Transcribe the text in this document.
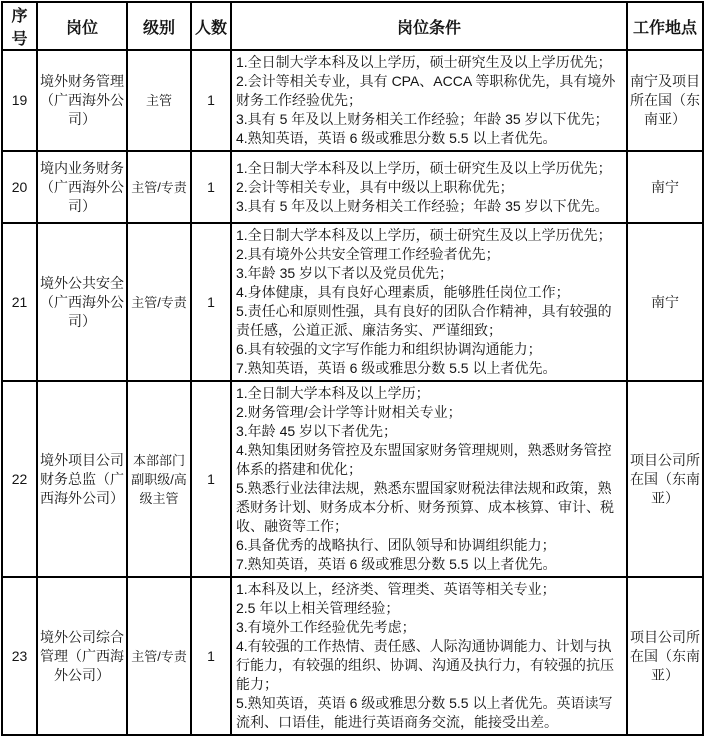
序号	岗位	级别	人数	岗位条件	工作地点
19	境外财务管理（广西海外公司）	主管	1	1.全日制大学本科及以上学历，硕士研究生及以上学历优先；
2.会计等相关专业，具有 CPA、ACCA 等职称优先，具有境外财务工作经验优先；
3.具有 5 年及以上财务相关工作经验；年龄 35 岁以下优先；
4.熟知英语，英语 6 级或雅思分数 5.5 以上者优先。	南宁及项目所在国（东南亚）
20	境内业务财务（广西海外公司）	主管/专责	1	1.全日制大学本科及以上学历，硕士研究生及以上学历优先；
2.会计等相关专业，具有中级以上职称优先；
3.具有 5 年及以上财务相关工作经验；年龄 35 岁以下优先。	南宁
21	境外公共安全（广西海外公司）	主管/专责	1	
1.全日制大学本科及以上学历，硕士研究生及以上学历优先；
2.具有境外公共安全管理工作经验者优先；
3.年龄 35 岁以下者以及党员优先；
4.身体健康，具有良好心理素质，能够胜任岗位工作；
5.责任心和原则性强，具有良好的团队合作精神，具有较强的责任感，公道正派、廉洁务实、严谨细致；
6.具有较强的文字写作能力和组织协调沟通能力；
7.熟知英语，英语 6 级或雅思分数 5.5 以上者优先。
	南宁
22	境外项目公司财务总监（广西海外公司）	本部部门副职级/高级主管	1	
1.全日制大学本科及以上学历；
2.财务管理/会计学等计财相关专业；
3.年龄 45 岁以下者优先；
4.熟知集团财务管控及东盟国家财务管理规则，熟悉财务管控体系的搭建和优化；
5.熟悉行业法律法规，熟悉东盟国家财税法律法规和政策，熟悉财务计划、财务成本分析、财务预算、成本核算、审计、税收、融资等工作；
6.具备优秀的战略执行、团队领导和协调组织能力；
7.熟知英语，英语 6 级或雅思分数 5.5 以上者优先。
	项目公司所在国（东南亚）
23	境外公司综合管理（广西海外公司）	主管/专责	1	1.本科及以上，经济类、管理类、英语等相关专业；
2.5 年以上相关管理经验；
3.有境外工作经验优先考虑；
4.有较强的工作热情、责任感、人际沟通协调能力、计划与执行能力，有较强的组织、协调、沟通及执行力，有较强的抗压能力；
5.熟知英语，英语 6 级或雅思分数 5.5 以上者优先。英语读写流利、口语佳，能进行英语商务交流，能接受出差。	项目公司所在国（东南亚）
